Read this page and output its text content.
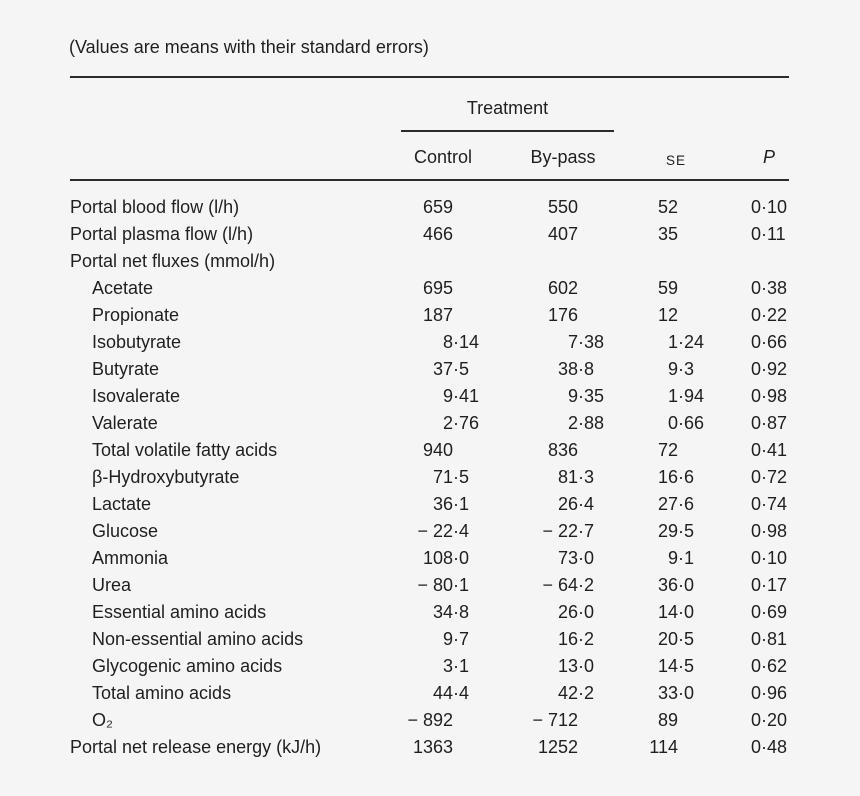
(Values are means with their standard errors)
Treatment
Control	By-pass	SE	P
Portal blood flow (l/h)	659	550	52	0 ·10
Portal plasma flow (l/h)	466	407	35	0 ·11
Portal net fluxes (mmol/h)
Acetate	695	602	59	0 ·38
Propionate	187	176	12	0 ·22
Isobutyrate	8 ·14	7 ·38	1 ·24	0 ·66
Butyrate	37 ·5	38 ·8	9 ·3	0 ·92
Isovalerate	9 ·41	9 ·35	1 ·94	0 ·98
Valerate	2 ·76	2 ·88	0 ·66	0 ·87
Total volatile fatty acids	940	836	72	0 ·41
β-Hydroxybutyrate	71 ·5	81 ·3	16 ·6	0 ·72
Lactate	36 ·1	26 ·4	27 ·6	0 ·74
Glucose	− 22 ·4	− 22 ·7	29 ·5	0 ·98
Ammonia	108 ·0	73 ·0	9 ·1	0 ·10
Urea	− 80 ·1	− 64 ·2	36 ·0	0 ·17
Essential amino acids	34 ·8	26 ·0	14 ·0	0 ·69
Non-essential amino acids	9 ·7	16 ·2	20 ·5	0 ·81
Glycogenic amino acids	3 ·1	13 ·0	14 ·5	0 ·62
Total amino acids	44 ·4	42 ·2	33 ·0	0 ·96
O₂	− 892	− 712	89	0 ·20
Portal net release energy (kJ/h)	1363	1252	114	0 ·48
